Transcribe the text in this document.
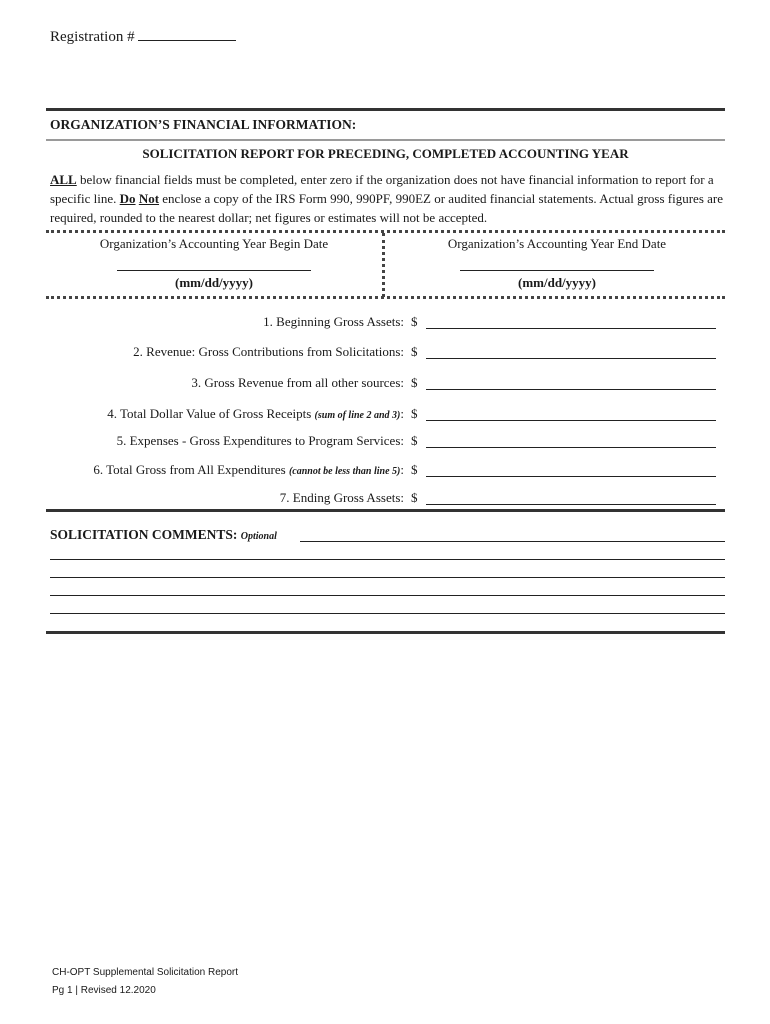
Registration #
ORGANIZATION’S FINANCIAL INFORMATION:
SOLICITATION REPORT FOR PRECEDING, COMPLETED ACCOUNTING YEAR
ALL below financial fields must be completed, enter zero if the organization does not have financial information to report for a specific line. Do Not enclose a copy of the IRS Form 990, 990PF, 990EZ or audited financial statements. Actual gross figures are required, rounded to the nearest dollar; net figures or estimates will not be accepted.
Organization’s Accounting Year Begin Date
(mm/dd/yyyy)
Organization’s Accounting Year End Date
(mm/dd/yyyy)
1. Beginning Gross Assets: $
2. Revenue: Gross Contributions from Solicitations: $
3. Gross Revenue from all other sources: $
4. Total Dollar Value of Gross Receipts (sum of line 2 and 3): $
5. Expenses - Gross Expenditures to Program Services: $
6. Total Gross from All Expenditures (cannot be less than line 5): $
7. Ending Gross Assets: $
SOLICITATION COMMENTS: Optional
CH-OPT Supplemental Solicitation Report
Pg 1 | Revised 12.2020
